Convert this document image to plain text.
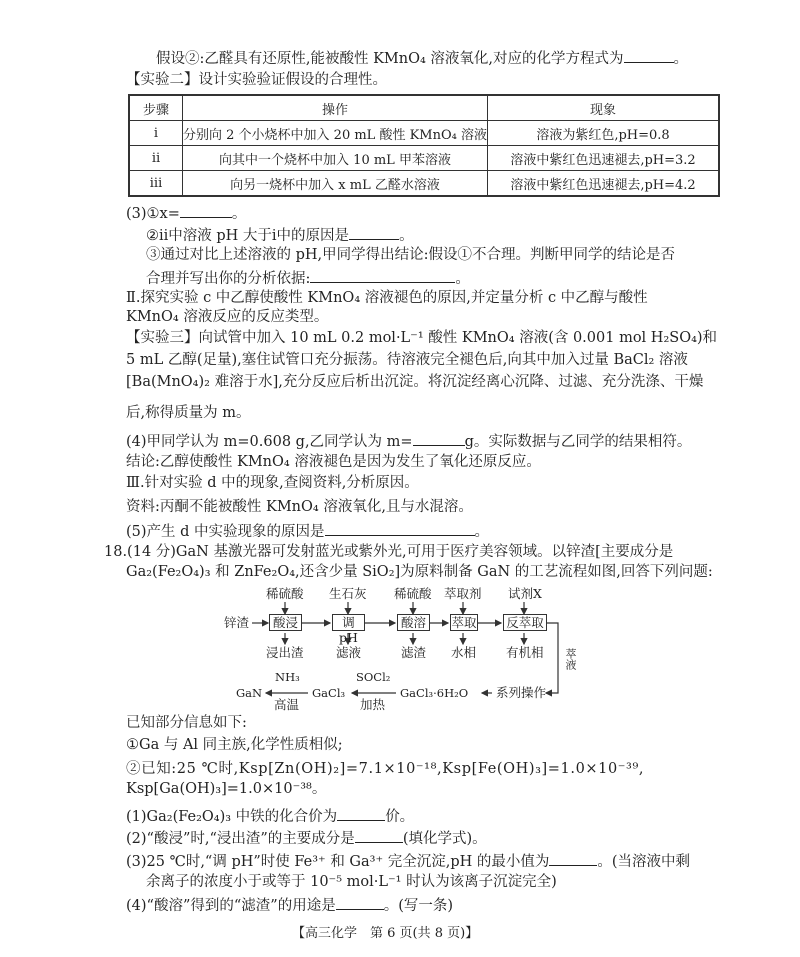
假设②:乙醛具有还原性,能被酸性 KMnO₄ 溶液氧化,对应的化学方程式为	。
【实验二】设计实验验证假设的合理性。
步骤	操作	现象
ⅰ	分别向 2 个小烧杯中加入 20 mL 酸性 KMnO₄ 溶液	溶液为紫红色,pH=0.8
ⅱ	向其中一个烧杯中加入 10 mL 甲苯溶液	溶液中紫红色迅速褪去,pH=3.2
ⅲ	向另一烧杯中加入 x mL 乙醛水溶液	溶液中紫红色迅速褪去,pH=4.2
(3)①x=	。
②ⅱ中溶液 pH 大于ⅰ中的原因是	。
③通过对比上述溶液的 pH,甲同学得出结论:假设①不合理。判断甲同学的结论是否
合理并写出你的分析依据:	。
Ⅱ.探究实验 c 中乙醇使酸性 KMnO₄ 溶液褪色的原因,并定量分析 c 中乙醇与酸性
KMnO₄ 溶液反应的反应类型。
【实验三】向试管中加入 10 mL 0.2 mol·L⁻¹ 酸性 KMnO₄ 溶液(含 0.001 mol H₂SO₄)和
5 mL 乙醇(足量),塞住试管口充分振荡。待溶液完全褪色后,向其中加入过量 BaCl₂ 溶液
[Ba(MnO₄)₂ 难溶于水],充分反应后析出沉淀。将沉淀经离心沉降、过滤、充分洗涤、干燥
后,称得质量为 m。
(4)甲同学认为 m=0.608 g,乙同学认为 m=	g。实际数据与乙同学的结果相符。
结论:乙醇使酸性 KMnO₄ 溶液褪色是因为发生了氧化还原反应。
Ⅲ.针对实验 d 中的现象,查阅资料,分析原因。
资料:丙酮不能被酸性 KMnO₄ 溶液氧化,且与水混溶。
(5)产生 d 中实验现象的原因是	。
18.(14 分)GaN 基激光器可发射蓝光或紫外光,可用于医疗美容领域。以锌渣[主要成分是
Ga₂(Fe₂O₄)₃ 和 ZnFe₂O₄,还含少量 SiO₂]为原料制备 GaN 的工艺流程如图,回答下列问题:
锌渣	酸浸	调pH
酸溶	萃取 反萃取
稀硫酸 生石灰 稀硫酸 萃取剂 试剂X
浸出渣	滤液	滤渣 水相 有机相 萃液
系列操作
GaCl₃·6H₂O
SOCl₂
加热
GaCl₃
NH₃
高温
GaN
已知部分信息如下:
①Ga 与 Al 同主族,化学性质相似;
②已知:25 ℃时,Ksp[Zn(OH)₂]=7.1×10⁻¹⁸,Ksp[Fe(OH)₃]=1.0×10⁻³⁹,
Ksp[Ga(OH)₃]=1.0×10⁻³⁸。
(1)Ga₂(Fe₂O₄)₃ 中铁的化合价为	价。
(2)“酸浸”时,“浸出渣”的主要成分是	(填化学式)。
(3)25 ℃时,“调 pH”时使 Fe³⁺ 和 Ga³⁺ 完全沉淀,pH 的最小值为	。(当溶液中剩
余离子的浓度小于或等于 10⁻⁵ mol·L⁻¹ 时认为该离子沉淀完全)
(4)“酸溶”得到的“滤渣”的用途是	。(写一条)
【高三化学　第 6 页(共 8 页)】
